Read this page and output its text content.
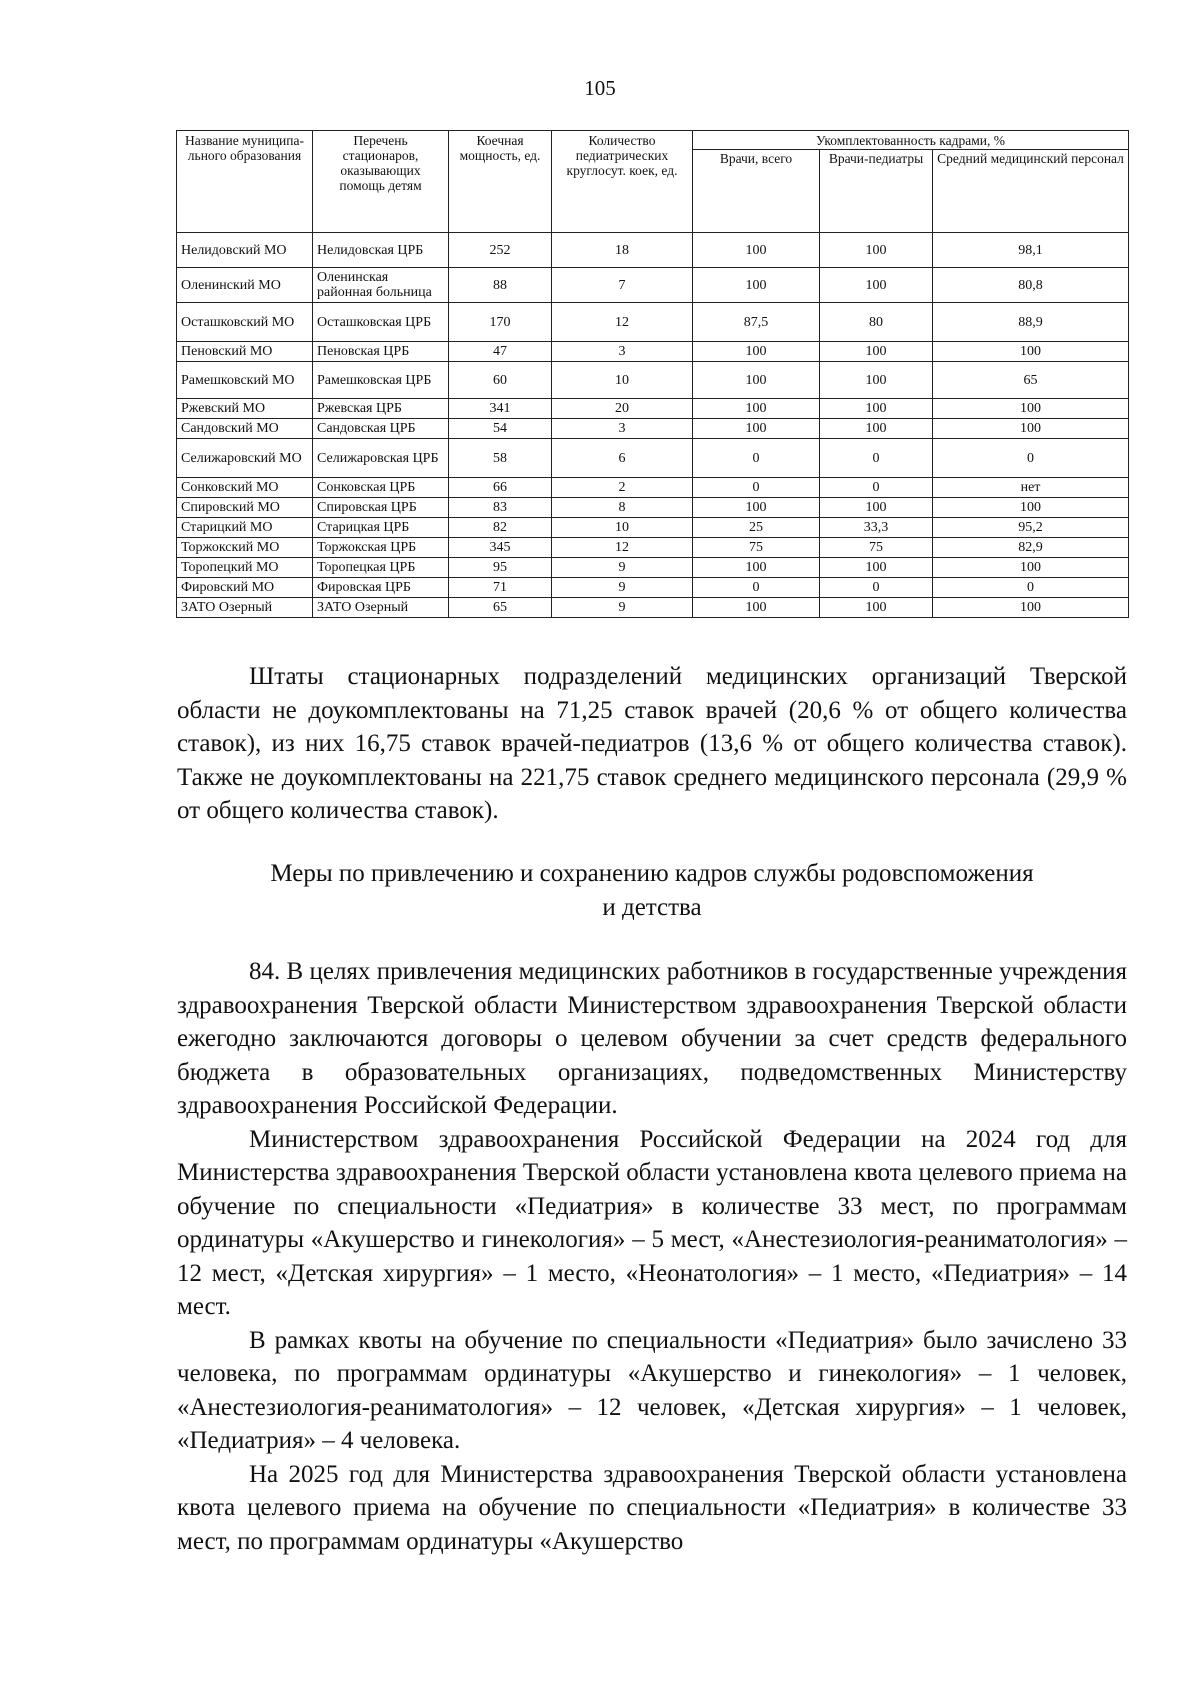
105
Название муниципа-льного образования	Перечень стационаров, оказывающих помощь детям	Коечная мощность, ед.	Количество педиатрических круглосут. коек, ед.	Укомплектованность кадрами, %		
				Врачи, всего	Врачи-педиатры	Средний медицинский персонал
Нелидовский МО	Нелидовская ЦРБ	252	18	100	100	98,1
Оленинский МО	Оленинская районная больница	88	7	100	100	80,8
Осташковский МО	Осташковская ЦРБ	170	12	87,5	80	88,9
Пеновский МО	Пеновская ЦРБ	47	3	100	100	100
Рамешковский МО	Рамешковская ЦРБ	60	10	100	100	65
Ржевский МО	Ржевская ЦРБ	341	20	100	100	100
Сандовский МО	Сандовская ЦРБ	54	3	100	100	100
Селижаровский МО	Селижаровская ЦРБ	58	6	0	0	0
Сонковский МО	Сонковская ЦРБ	66	2	0	0	нет
Спировский МО	Спировская ЦРБ	83	8	100	100	100
Старицкий МО	Старицкая ЦРБ	82	10	25	33,3	95,2
Торжокский МО	Торжокская ЦРБ	345	12	75	75	82,9
Торопецкий МО	Торопецкая ЦРБ	95	9	100	100	100
Фировский МО	Фировская ЦРБ	71	9	0	0	0
ЗАТО Озерный	ЗАТО Озерный	65	9	100	100	100

Штаты стационарных подразделений медицинских организаций Тверской области не доукомплектованы на 71,25 ставок врачей (20,6 % от общего количества ставок), из них 16,75 ставок врачей-педиатров (13,6 % от общего количества ставок). Также не доукомплектованы на 221,75 ставок среднего медицинского персонала (29,9 % от общего количества ставок).

Меры по привлечению и сохранению кадров службы родовспоможения
и детства

84. В целях привлечения медицинских работников в государственные учреждения здравоохранения Тверской области Министерством здравоохранения Тверской области ежегодно заключаются договоры о целевом обучении за счет средств федерального бюджета в образовательных организациях, подведомственных Министерству здравоохранения Российской Федерации.

Министерством здравоохранения Российской Федерации на 2024 год для Министерства здравоохранения Тверской области установлена квота целевого приема на обучение по специальности «Педиатрия» в количестве 33 мест, по программам ординатуры «Акушерство и гинекология» – 5 мест, «Анестезиология-реаниматология» – 12 мест, «Детская хирургия» – 1 место, «Неонатология» – 1 место, «Педиатрия» – 14 мест.

В рамках квоты на обучение по специальности «Педиатрия» было зачислено 33 человека, по программам ординатуры «Акушерство и гинекология» – 1 человек, «Анестезиология-реаниматология» – 12 человек, «Детская хирургия» – 1 человек, «Педиатрия» – 4 человека.

На 2025 год для Министерства здравоохранения Тверской области установлена квота целевого приема на обучение по специальности «Педиатрия» в количестве 33 мест, по программам ординатуры «Акушерство
